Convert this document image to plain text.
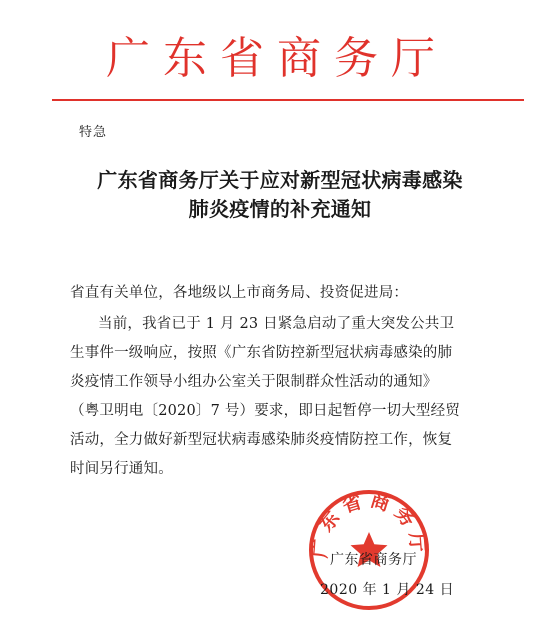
广东省商务厅
特急
广东省商务厅关于应对新型冠状病毒感染
肺炎疫情的补充通知
省直有关单位，各地级以上市商务局、投资促进局：
当前，我省已于 1 月 23 日紧急启动了重大突发公共卫
生事件一级响应，按照《广东省防控新型冠状病毒感染的肺
炎疫情工作领导小组办公室关于限制群众性活动的通知》
（粤卫明电〔2020〕7 号）要求，即日起暂停一切大型经贸
活动，全力做好新型冠状病毒感染肺炎疫情防控工作，恢复
时间另行通知。
广东省商务厅
广东省商务厅
2020 年 1 月 24 日
